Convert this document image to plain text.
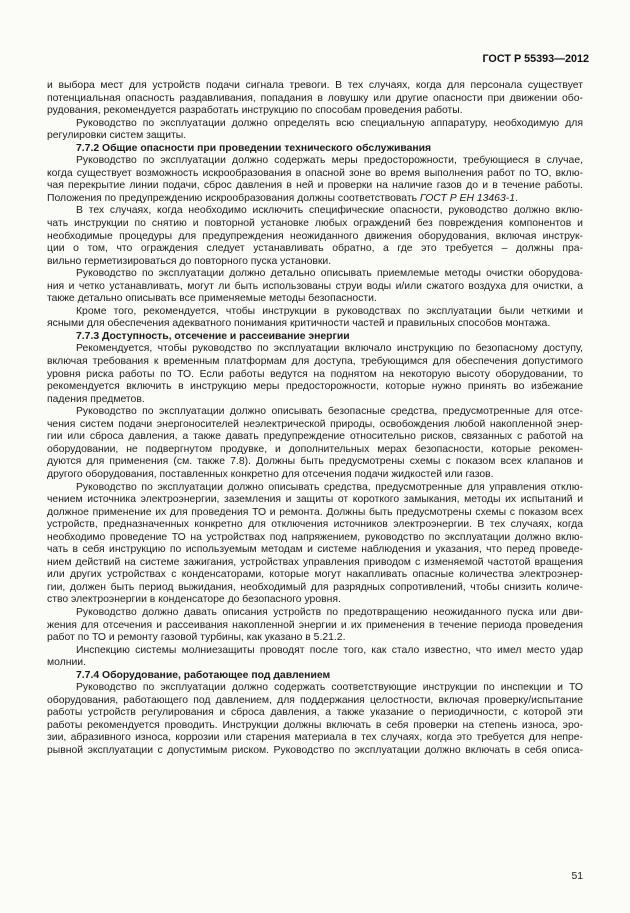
ГОСТ Р 55393—2012

и выбора мест для устройств подачи сигнала тревоги. В тех случаях, когда для персонала существует потенциальная опасность раздавливания, попадания в ловушку или другие опасности при движении обо-

рудования, рекомендуется разработать инструкцию по способам проведения работы.

Руководство по эксплуатации должно определять всю специальную аппаратуру, необходимую для

регулировки систем защиты.

7.7.2 Общие опасности при проведении технического обслуживания

Руководство по эксплуатации должно содержать меры предосторожности, требующиеся в случае,

когда существует возможность искрообразования в опасной зоне во время выполнения работ по ТО, вклю-

чая перекрытие линии подачи, сброс давления в ней и проверки на наличие газов до и в течение работы.

Положения по предупреждению искрообразования должны соответствовать ГОСТ Р ЕН 13463-1.

В тех случаях, когда необходимо исключить специфические опасности, руководство должно вклю-

чать инструкции по снятию и повторной установке любых ограждений без повреждения компонентов и

необходимые процедуры для предупреждения неожиданного движения оборудования, включая инструк-

ции о том, что ограждения следует устанавливать обратно, а где это требуется – должны пра-

вильно герметизироваться до повторного пуска установки.

Руководство по эксплуатации должно детально описывать приемлемые методы очистки оборудова-

ния и четко устанавливать, могут ли быть использованы струи воды и/или сжатого воздуха для очистки, а

также детально описывать все применяемые методы безопасности.

Кроме того, рекомендуется, чтобы инструкции в руководствах по эксплуатации были четкими и

ясными для обеспечения адекватного понимания критичности частей и правильных способов монтажа.

7.7.3 Доступность, отсечение и рассеивание энергии

Рекомендуется, чтобы руководство по эксплуатации включало инструкцию по безопасному доступу,

включая требования к временным платформам для доступа, требующимся для обеспечения допустимого

уровня риска работы по ТО. Если работы ведутся на поднятом на некоторую высоту оборудовании, то

рекомендуется включить в инструкцию меры предосторожности, которые нужно принять во избежание

падения предметов.

Руководство по эксплуатации должно описывать безопасные средства, предусмотренные для отсе-

чения систем подачи энергоносителей неэлектрической природы, освобождения любой накопленной энер-

гии или сброса давления, а также давать предупреждение относительно рисков, связанных с работой на

оборудовании, не подвергнутом продувке, и дополнительных мерах безопасности, которые рекомен-

дуются для применения (см. также 7.8). Должны быть предусмотрены схемы с показом всех клапанов и

другого оборудования, поставленных конкретно для отсечения подачи жидкостей или газов.

Руководство по эксплуатации должно описывать средства, предусмотренные для управления отклю-

чением источника электроэнергии, заземления и защиты от короткого замыкания, методы их испытаний и

должное применение их для проведения ТО и ремонта. Должны быть предусмотрены схемы с показом всех

устройств, предназначенных конкретно для отключения источников электроэнергии. В тех случаях, когда

необходимо проведение ТО на устройствах под напряжением, руководство по эксплуатации должно вклю-

чать в себя инструкцию по используемым методам и системе наблюдения и указания, что перед проведе-

нием действий на системе зажигания, устройствах управления приводом с изменяемой частотой вращения

или других устройствах с конденсаторами, которые могут накапливать опасные количества электроэнер-

гии, должен быть период выжидания, необходимый для разрядных сопротивлений, чтобы снизить количе-

ство электроэнергии в конденсаторе до безопасного уровня.

Руководство должно давать описания устройств по предотвращению неожиданного пуска или дви-

жения для отсечения и рассеивания накопленной энергии и их применения в течение периода проведения

работ по ТО и ремонту газовой турбины, как указано в 5.21.2.

Инспекцию системы молниезащиты проводят после того, как стало известно, что имел место удар

молнии.

7.7.4 Оборудование, работающее под давлением

Руководство по эксплуатации должно содержать соответствующие инструкции по инспекции и ТО

оборудования, работающего под давлением, для поддержания целостности, включая проверку/испытание

работы устройств регулирования и сброса давления, а также указание о периодичности, с которой эти

работы рекомендуется проводить. Инструкции должны включать в себя проверки на степень износа, эро-

зии, абразивного износа, коррозии или старения материала в тех случаях, когда это требуется для непре-

рывной эксплуатации с допустимым риском. Руководство по эксплуатации должно включать в себя описа-

51
